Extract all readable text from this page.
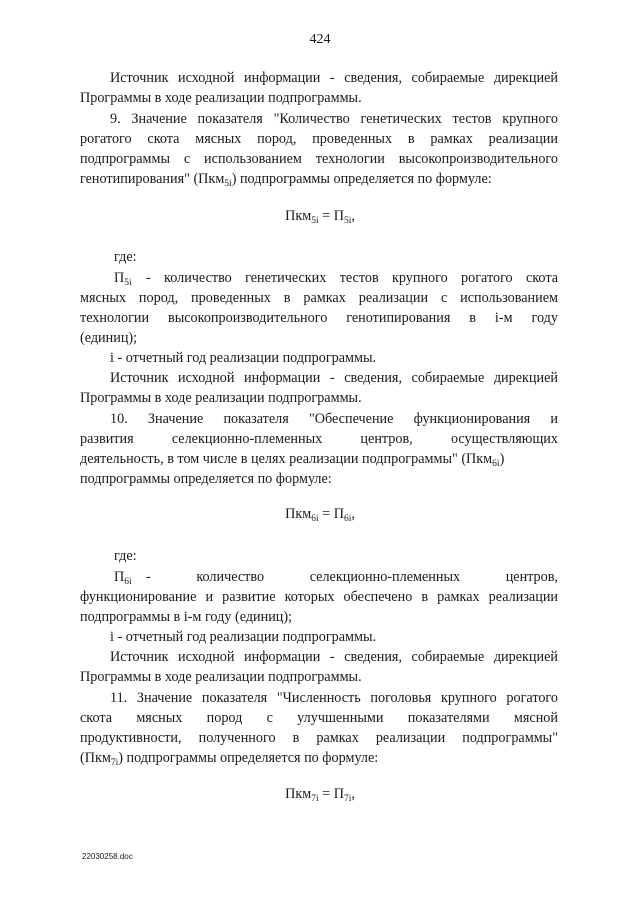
424
Источник исходной информации - сведения, собираемые дирекцией
Программы в ходе реализации подпрограммы.
9. Значение показателя "Количество генетических тестов крупного
рогатого скота мясных пород, проведенных в рамках реализации
подпрограммы с использованием технологии высокопроизводительного
генотипирования" (Пкм$_{5i}$) подпрограммы определяется по формуле:
$Пкм_{5i} = П_{5i}$,
где:
$П_{5i}$ - количество генетических тестов крупного рогатого скота
мясных пород, проведенных в рамках реализации с использованием
технологии высокопроизводительного генотипирования в i-м году
(единиц);
i - отчетный год реализации подпрограммы.
Источник исходной информации - сведения, собираемые дирекцией
Программы в ходе реализации подпрограммы.
10. Значение показателя "Обеспечение функционирования и
развития селекционно-племенных центров, осуществляющих
деятельность, в том числе в целях реализации подпрограммы" (Пкм$_{6i}$)
подпрограммы определяется по формуле:
$Пкм_{6i} = П_{6i}$,
где:
$П_{6i}$ - количество селекционно-племенных центров,
функционирование и развитие которых обеспечено в рамках реализации
подпрограммы в i-м году (единиц);
i - отчетный год реализации подпрограммы.
Источник исходной информации - сведения, собираемые дирекцией
Программы в ходе реализации подпрограммы.
11. Значение показателя "Численность поголовья крупного рогатого
скота мясных пород с улучшенными показателями мясной
продуктивности, полученного в рамках реализации подпрограммы"
(Пкм$_{7i}$) подпрограммы определяется по формуле:
$Пкм_{7i} = П_{7i}$,
22030258.doc
